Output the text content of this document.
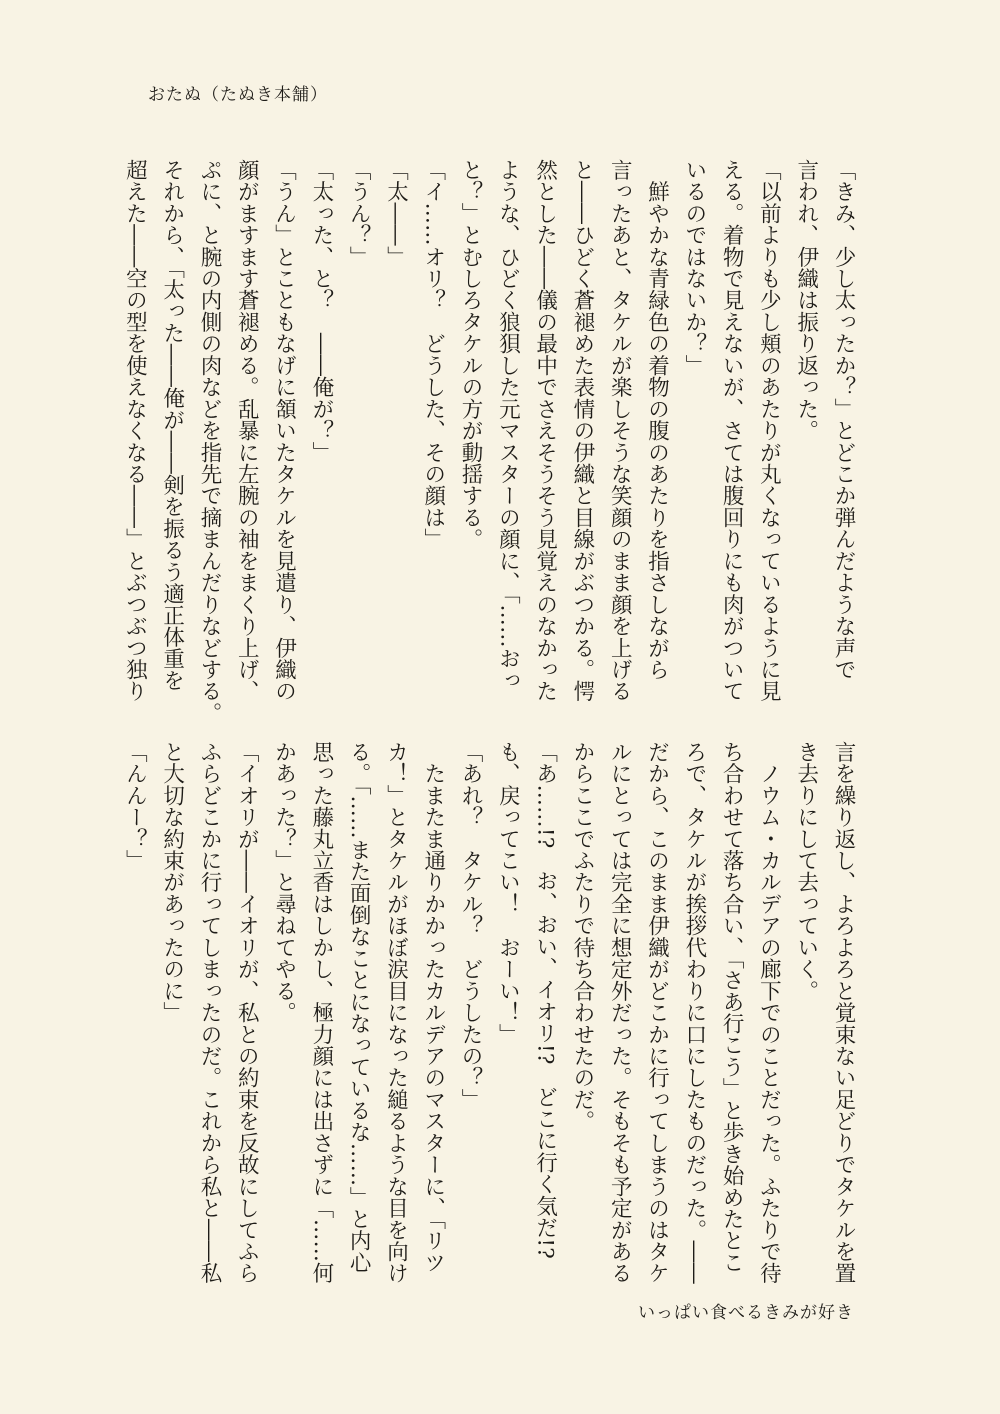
おたぬ（たぬき本舗）

「きみ、少し太ったか？」とどこか弾んだような声で

言われ、伊織は振り返った。

「以前よりも少し頬のあたりが丸くなっているように見

える。着物で見えないが、さては腹回りにも肉がついて

いるのではないか？」

　鮮やかな青緑色の着物の腹のあたりを指さしながら

言ったあと、タケルが楽しそうな笑顔のまま顔を上げる

と――ひどく蒼褪めた表情の伊織と目線がぶつかる。愕

然とした――儀の最中でさえそうそう見覚えのなかった

ような、ひどく狼狽した元マスターの顔に、「……おっ

と？」とむしろタケルの方が動揺する。

「イ……オリ？　どうした、その顔は」

「太――」

「うん？」

「太った、と？　――俺が？」

「うん」とこともなげに頷いたタケルを見遣り、伊織の

顔がますます蒼褪める。乱暴に左腕の袖をまくり上げ、

ぷに、と腕の内側の肉などを指先で摘まんだりなどする。

それから、「太った――俺が――剣を振るう適正体重を

超えた――空の型を使えなくなる――」とぶつぶつ独り

言を繰り返し、よろよろと覚束ない足どりでタケルを置

き去りにして去っていく。

　ノウム・カルデアの廊下でのことだった。ふたりで待

ち合わせて落ち合い、「さあ行こう」と歩き始めたとこ

ろで、タケルが挨拶代わりに口にしたものだった。――

だから、このまま伊織がどこかに行ってしまうのはタケ

ルにとっては完全に想定外だった。そもそも予定がある

からここでふたりで待ち合わせたのだ。

「あ……!?　お、おい、イオリ!?　どこに行く気だ!?

も、戻ってこい！　おーい！」

「あれ？　タケル？　どうしたの？」

　たまたま通りかかったカルデアのマスターに、「リツ

カ！」とタケルがほぼ涙目になった縋るような目を向け

る。「……また面倒なことになっているな……」と内心

思った藤丸立香はしかし、極力顔には出さずに「……何

かあった？」と尋ねてやる。

「イオリが――イオリが、私との約束を反故にしてふら

ふらどこかに行ってしまったのだ。これから私と――私

と大切な約束があったのに」

「んんー？」

いっぱい食べるきみが好き
